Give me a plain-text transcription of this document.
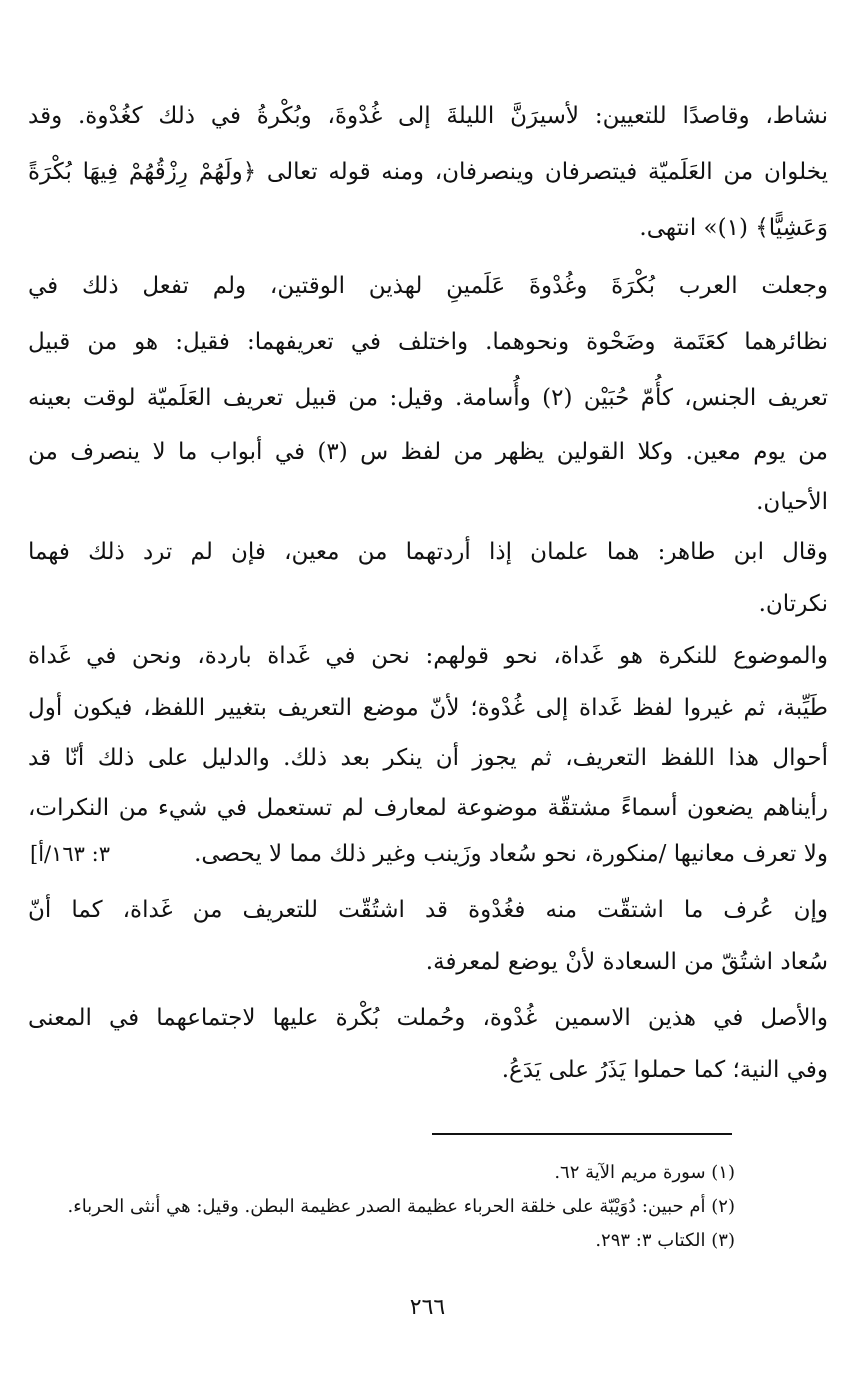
نشاط، وقاصدًا للتعيين: لأسيرَنَّ الليلةَ إلى غُدْوةَ، وبُكْرةُ في ذلك كغُدْوة. وقد
يخلوان من العَلَميّة فيتصرفان وينصرفان، ومنه قوله تعالى ﴿ولَهُمْ رِزْقُهُمْ فِيهَا بُكْرَةً
وَعَشِيًّا﴾ (١)» انتهى.
وجعلت العرب بُكْرَةَ وغُدْوةَ عَلَمينِ لهذين الوقتين، ولم تفعل ذلك في
نظائرهما كعَتَمة وضَحْوة ونحوهما. واختلف في تعريفهما: فقيل: هو من قبيل
تعريف الجنس، كأُمّ حُبَيْن (٢) وأُسامة. وقيل: من قبيل تعريف العَلَميّة لوقت بعينه
من يوم معين. وكلا القولين يظهر من لفظ س (٣) في أبواب ما لا ينصرف من
الأحيان.
وقال ابن طاهر: هما علمان إذا أردتهما من معين، فإن لم ترد ذلك فهما
نكرتان.
والموضوع للنكرة هو غَداة، نحو قولهم: نحن في غَداة باردة، ونحن في غَداة
طَيِّبة، ثم غيروا لفظ غَداة إلى غُدْوة؛ لأنّ موضع التعريف بتغيير اللفظ، فيكون أول
أحوال هذا اللفظ التعريف، ثم يجوز أن ينكر بعد ذلك. والدليل على ذلك أنّا قد
رأيناهم يضعون أسماءً مشتقّة موضوعة لمعارف لم تستعمل في شيء من النكرات،
ولا تعرف معانيها /منكورة، نحو سُعاد وزَينب وغير ذلك مما لا يحصى.
وإن عُرف ما اشتقّت منه فغُدْوة قد اشتُقّت للتعريف من غَداة، كما أنّ
سُعاد اشتُقّ من السعادة لأنْ يوضع لمعرفة.
والأصل في هذين الاسمين غُدْوة، وحُملت بُكْرة عليها لاجتماعهما في المعنى
وفي النية؛ كما حملوا يَذَرُ على يَدَعُ.
٣: ١٦٣/أ]
(١) سورة مريم الآية ٦٢.
(٢) أم حبين: دُوَيْبّة على خلقة الحرباء عظيمة الصدر عظيمة البطن. وقيل: هي أنثى الحرباء.
(٣) الكتاب ٣: ٢٩٣.
٢٦٦
